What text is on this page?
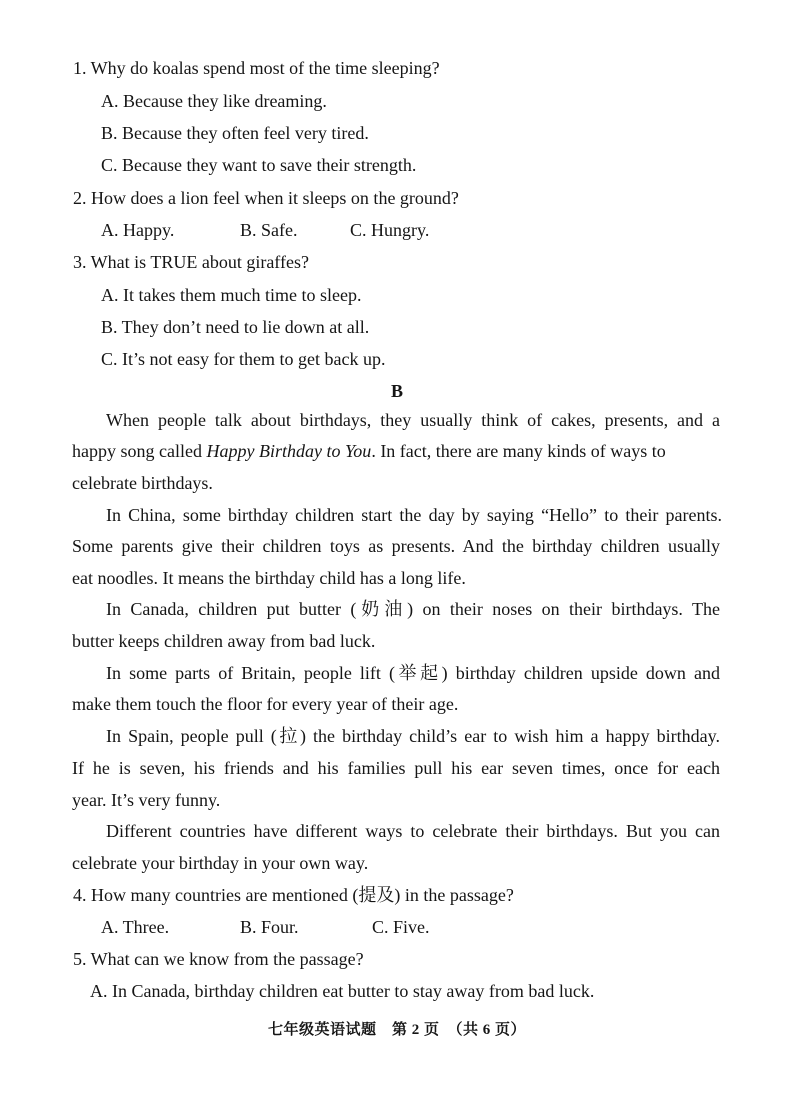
1. Why do koalas spend most of the time sleeping?
A. Because they like dreaming.
B. Because they often feel very tired.
C. Because they want to save their strength.
2. How does a lion feel when it sleeps on the ground?
A. Happy.	B. Safe.	C. Hungry.
3. What is TRUE about giraffes?
A. It takes them much time to sleep.
B. They don’t need to lie down at all.
C. It’s not easy for them to get back up.
B
When people talk about birthdays, they usually think of cakes, presents, and a
happy song called Happy Birthday to You. In fact, there are many kinds of ways to
celebrate birthdays.
In China, some birthday children start the day by saying “Hello” to their parents.
Some parents give their children toys as presents. And the birthday children usually
eat noodles. It means the birthday child has a long life.
In Canada, children put butter (奶油) on their noses on their birthdays. The
butter keeps children away from bad luck.
In some parts of Britain, people lift (举起) birthday children upside down and
make them touch the floor for every year of their age.
In Spain, people pull (拉) the birthday child’s ear to wish him a happy birthday.
If he is seven, his friends and his families pull his ear seven times, once for each
year. It’s very funny.
Different countries have different ways to celebrate their birthdays. But you can
celebrate your birthday in your own way.
4. How many countries are mentioned (提及) in the passage?
A. Three.	B. Four.	C. Five.
5. What can we know from the passage?
A. In Canada, birthday children eat butter to stay away from bad luck.
七年级英语试题　第 2 页　（共 6 页）
